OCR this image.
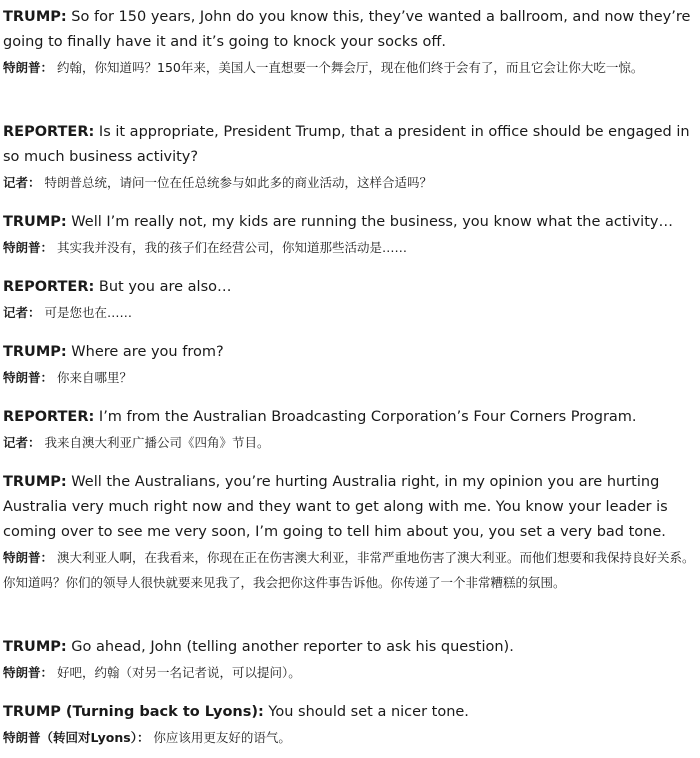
TRUMP: So for 150 years, John do you know this, they’ve wanted a ballroom, and now they’re going to finally have it and it’s going to knock your socks off.

特朗普： 约翰，你知道吗？150年来，美国人一直想要一个舞会厅，现在他们终于会有了，而且它会让你大吃一惊。

REPORTER: Is it appropriate, President Trump, that a president in office should be engaged in so much business activity?

记者： 特朗普总统，请问一位在任总统参与如此多的商业活动，这样合适吗？

TRUMP: Well I’m really not, my kids are running the business, you know what the activity…

特朗普： 其实我并没有，我的孩子们在经营公司，你知道那些活动是……

REPORTER: But you are also…

记者： 可是您也在……

TRUMP: Where are you from?

特朗普： 你来自哪里？

REPORTER: I’m from the Australian Broadcasting Corporation’s Four Corners Program.

记者： 我来自澳大利亚广播公司《四角》节目。

TRUMP: Well the Australians, you’re hurting Australia right, in my opinion you are hurting Australia very much right now and they want to get along with me. You know your leader is coming over to see me very soon, I’m going to tell him about you, you set a very bad tone.

特朗普： 澳大利亚人啊，在我看来，你现在正在伤害澳大利亚，非常严重地伤害了澳大利亚。而他们想要和我保持良好关系。你知道吗？你们的领导人很快就要来见我了，我会把你这件事告诉他。你传递了一个非常糟糕的氛围。

TRUMP: Go ahead, John (telling another reporter to ask his question).

特朗普： 好吧，约翰（对另一名记者说，可以提问）。

TRUMP (Turning back to Lyons): You should set a nicer tone.

特朗普（转回对Lyons）： 你应该用更友好的语气。
